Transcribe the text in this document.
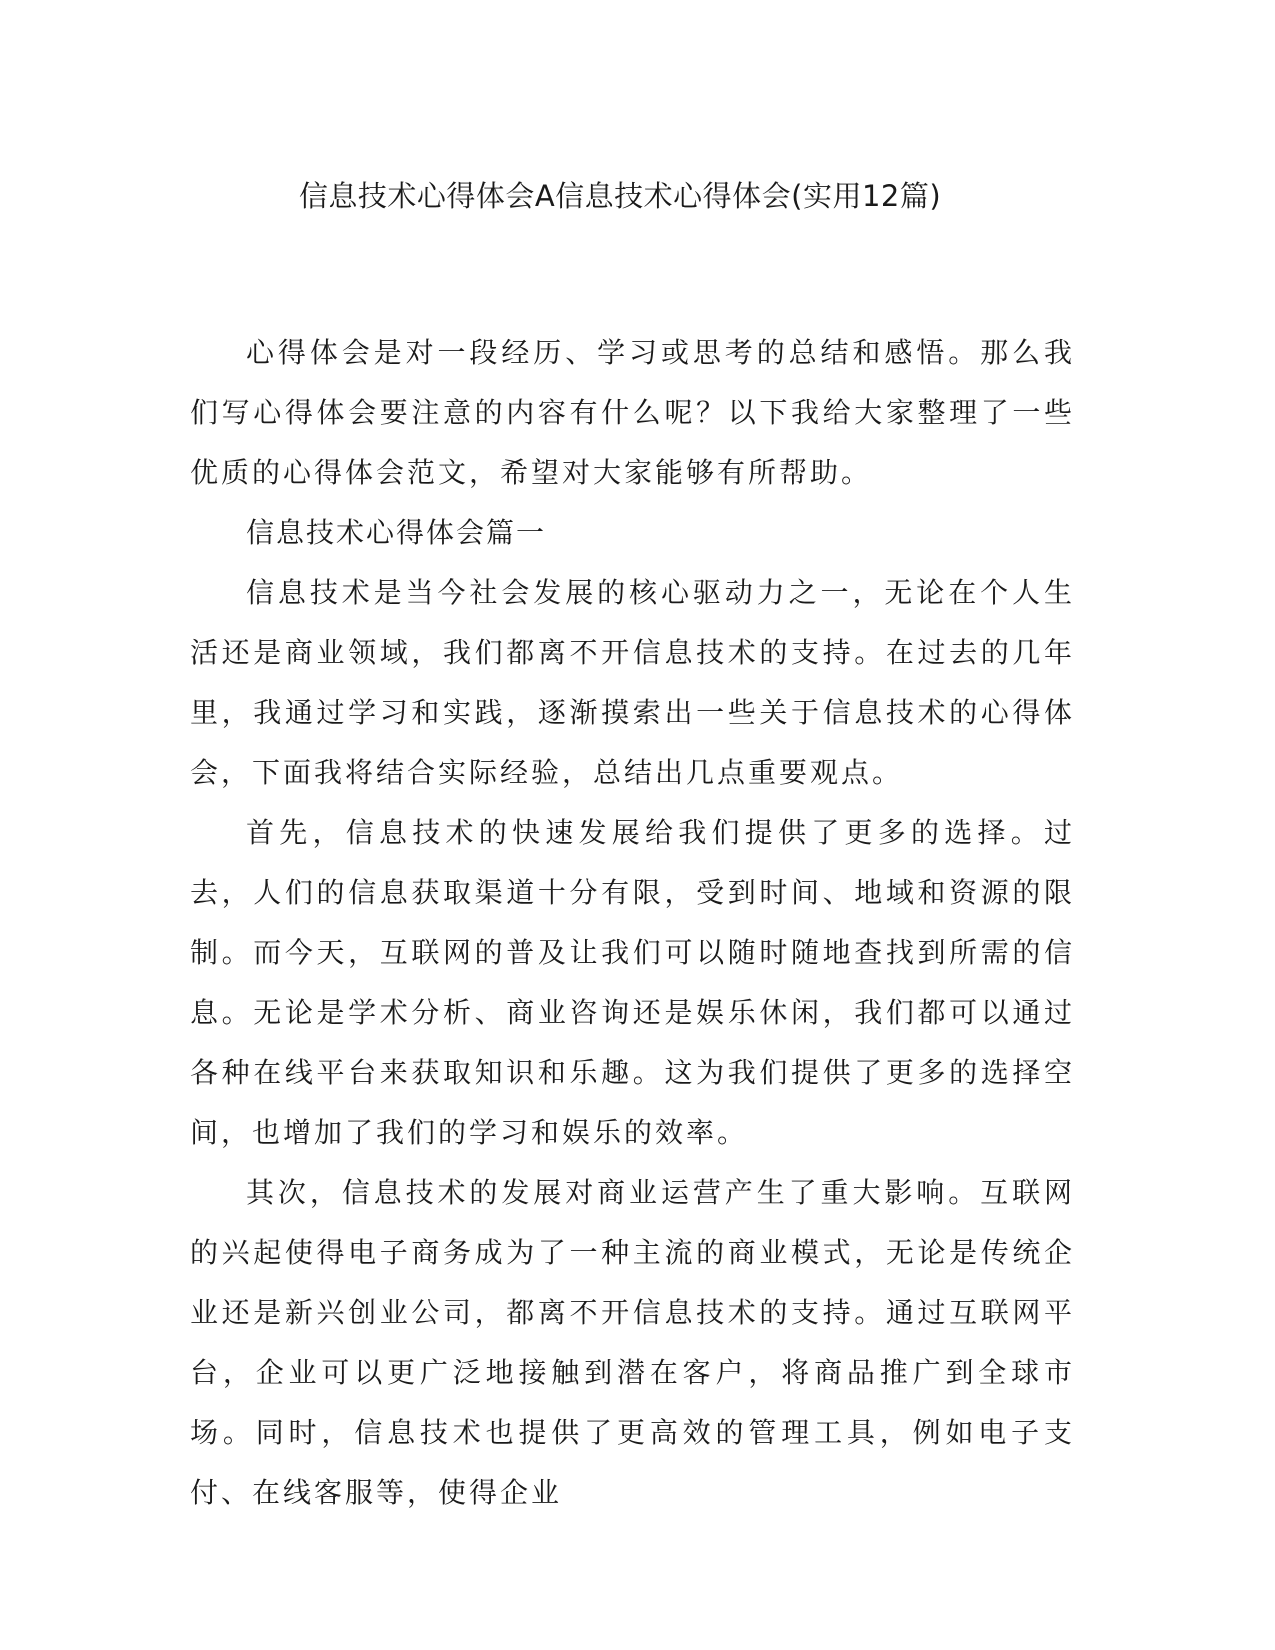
信息技术心得体会A信息技术心得体会(实用12篇)

心得体会是对一段经历、学习或思考的总结和感悟。那么我们写心得体会要注意的内容有什么呢？以下我给大家整理了一些优质的心得体会范文，希望对大家能够有所帮助。

信息技术心得体会篇一

信息技术是当今社会发展的核心驱动力之一，无论在个人生活还是商业领域，我们都离不开信息技术的支持。在过去的几年里，我通过学习和实践，逐渐摸索出一些关于信息技术的心得体会，下面我将结合实际经验，总结出几点重要观点。

首先，信息技术的快速发展给我们提供了更多的选择。过去，人们的信息获取渠道十分有限，受到时间、地域和资源的限制。而今天，互联网的普及让我们可以随时随地查找到所需的信息。无论是学术分析、商业咨询还是娱乐休闲，我们都可以通过各种在线平台来获取知识和乐趣。这为我们提供了更多的选择空间，也增加了我们的学习和娱乐的效率。

其次，信息技术的发展对商业运营产生了重大影响。互联网的兴起使得电子商务成为了一种主流的商业模式，无论是传统企业还是新兴创业公司，都离不开信息技术的支持。通过互联网平台，企业可以更广泛地接触到潜在客户，将商品推广到全球市场。同时，信息技术也提供了更高效的管理工具，例如电子支付、在线客服等，使得企业
